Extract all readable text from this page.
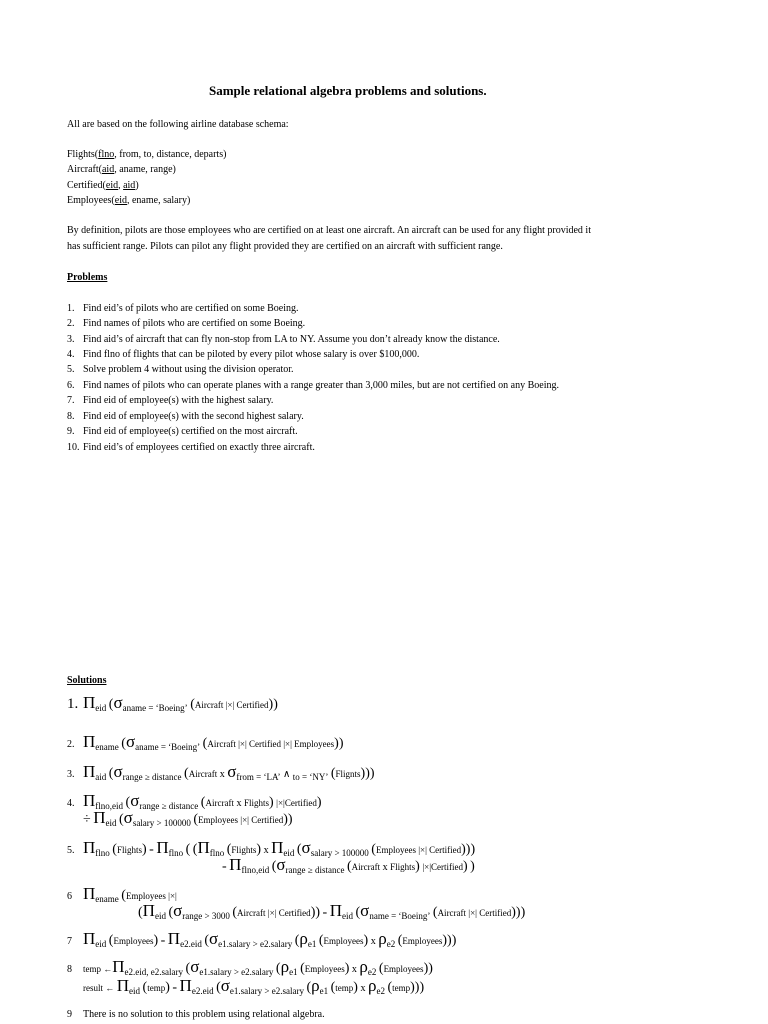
Sample relational algebra problems and solutions.
All are based on the following airline database schema:
Flights(flno, from, to, distance, departs)
Aircraft(aid, aname, range)
Certified(eid, aid)
Employees(eid, ename, salary)
By definition, pilots are those employees who are certified on at least one aircraft. An aircraft can be used for any flight provided it
has sufficient range. Pilots can pilot any flight provided they are certified on an aircraft with sufficient range.
Problems
1. Find eid’s of pilots who are certified on some Boeing.
2. Find names of pilots who are certified on some Boeing.
3. Find aid’s of aircraft that can fly non-stop from LA to NY. Assume you don’t already know the distance.
4. Find flno of flights that can be piloted by every pilot whose salary is over $100,000.
5. Solve problem 4 without using the division operator.
6. Find names of pilots who can operate planes with a range greater than 3,000 miles, but are not certified on any Boeing.
7. Find eid of employee(s) with the highest salary.
8. Find eid of employee(s) with the second highest salary.
9. Find eid of employee(s) certified on the most aircraft.
10. Find eid’s of employees certified on exactly three aircraft.
Solutions
1. Πeid (σaname = ‘Boeing’ (Aircraft |×| Certified))
2. Πename (σaname = ‘Boeing’ (Aircraft |×| Certified |×| Employees))
3. Πaid (σrange ≥ distance (Aircraft x σfrom = ‘LA’ ∧ to = ‘NY’ (Flignts)))
4. Πflno,eid (σrange ≥ distance (Aircraft x Flights) |×|Certified)
÷ Πeid (σsalary > 100000 (Employees |×| Certified))
5. Πflno (Flights) - Πflno ( (Πflno (Flights) x Πeid (σsalary > 100000 (Employees |×| Certified)))
- Πflno,eid (σrange ≥ distance (Aircraft x Flights) |×|Certified) )
6 Πename (Employees |×|
(Πeid (σrange > 3000 (Aircraft |×| Certified)) - Πeid (σname = ‘Boeing’ (Aircraft |×| Certified)))
7 Πeid (Employees) - Πe2.eid (σe1.salary > e2.salary (ρe1 (Employees) x ρe2 (Employees)))
8 temp ←Πe2.eid, e2.salary (σe1.salary > e2.salary (ρe1 (Employees) x ρe2 (Employees))
result ← Πeid (temp) - Πe2.eid (σe1.salary > e2.salary (ρe1 (temp) x ρe2 (temp)))
9 There is no solution to this problem using relational algebra.
